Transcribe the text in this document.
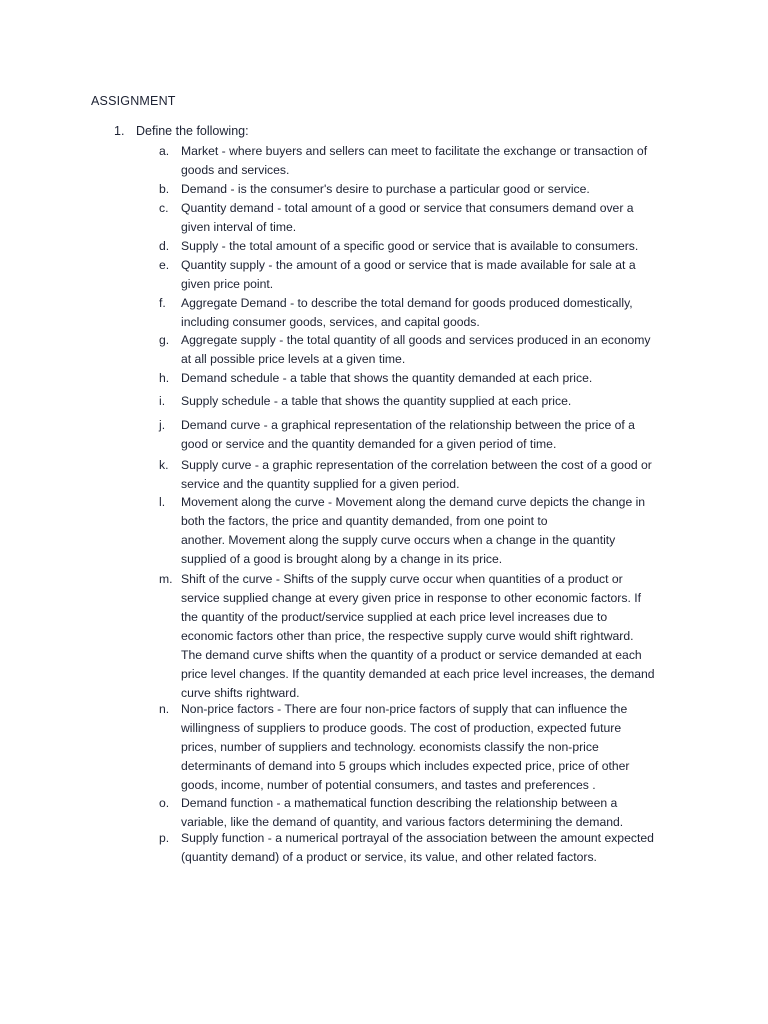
ASSIGNMENT
1. Define the following:
a. Market - where buyers and sellers can meet to facilitate the exchange or transaction of
goods and services.
b. Demand - is the consumer's desire to purchase a particular good or service.
c.	Quantity demand - total amount of a good or service that consumers demand over a
given interval of time.
d. Supply - the total amount of a specific good or service that is available to consumers.
e. Quantity supply - the amount of a good or service that is made available for sale at a
given price point.
f.	Aggregate Demand - to describe the total demand for goods produced domestically,
including consumer goods, services, and capital goods.
g. Aggregate supply - the total quantity of all goods and services produced in an economy
at all possible price levels at a given time.
h. Demand schedule - a table that shows the quantity demanded at each price.
i.	Supply schedule - a table that shows the quantity supplied at each price.
j.	Demand curve - a graphical representation of the relationship between the price of a
good or service and the quantity demanded for a given period of time.
k.	Supply curve - a graphic representation of the correlation between the cost of a good or
service and the quantity supplied for a given period.
l.	Movement along the curve - Movement along the demand curve depicts the change in
both the factors, the price and quantity demanded, from one point to
another. Movement along the supply curve occurs when a change in the quantity
supplied of a good is brought along by a change in its price.
m. Shift of the curve - Shifts of the supply curve occur when quantities of a product or
service supplied change at every given price in response to other economic factors. If
the quantity of the product/service supplied at each price level increases due to
economic factors other than price, the respective supply curve would shift rightward.
The demand curve shifts when the quantity of a product or service demanded at each
price level changes. If the quantity demanded at each price level increases, the demand
curve shifts rightward.
n. Non-price factors - There are four non-price factors of supply that can influence the
willingness of suppliers to produce goods. The cost of production, expected future
prices, number of suppliers and technology. economists classify the non-price
determinants of demand into 5 groups which includes expected price, price of other
goods, income, number of potential consumers, and tastes and preferences .
o. Demand function - a mathematical function describing the relationship between a
variable, like the demand of quantity, and various factors determining the demand.
p. Supply function - a numerical portrayal of the association between the amount expected
(quantity demand) of a product or service, its value, and other related factors.
